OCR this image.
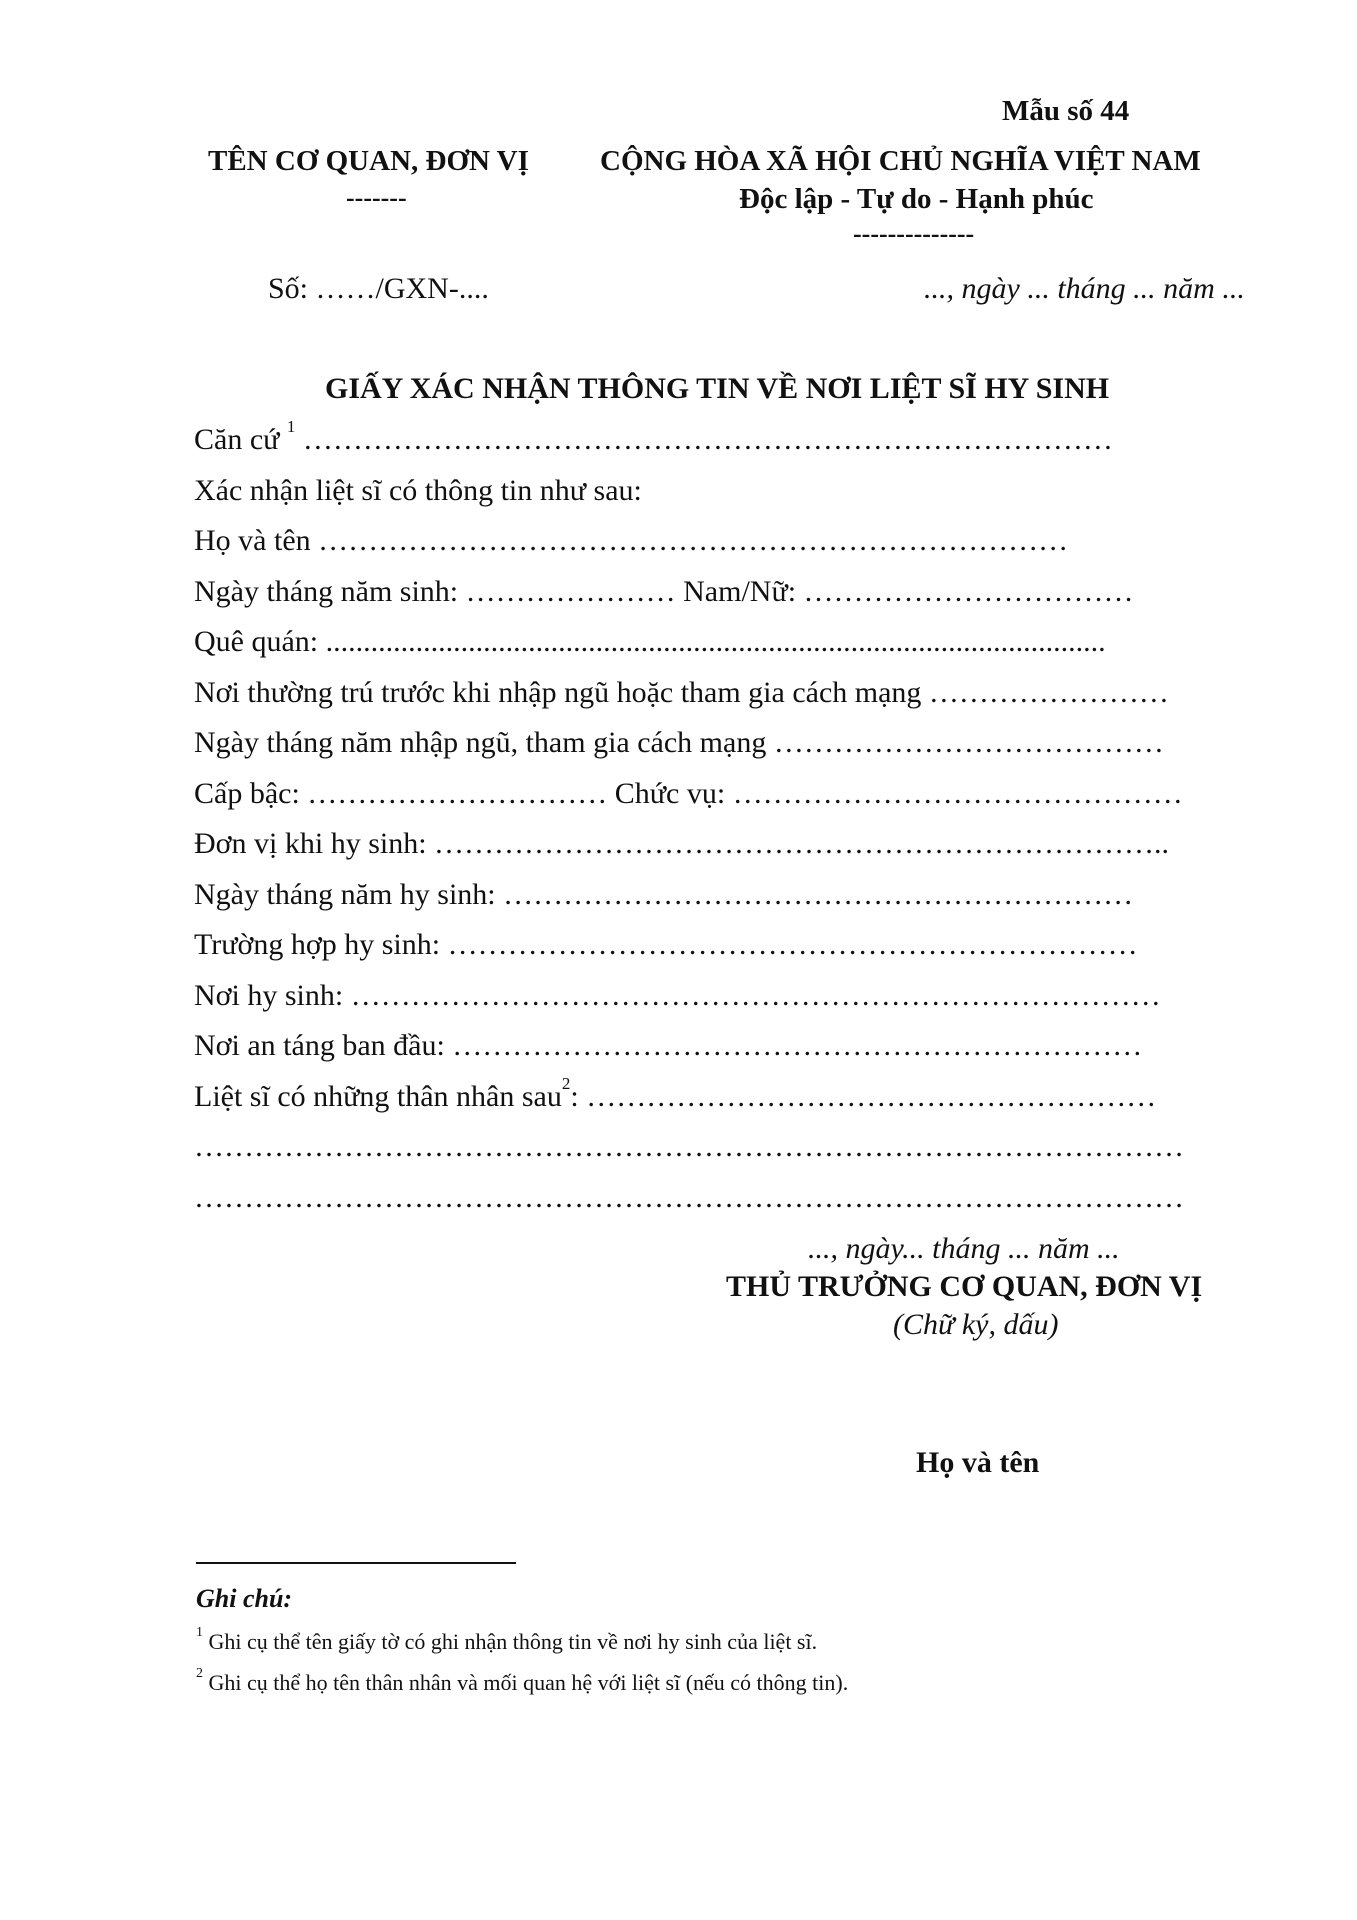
Mẫu số 44
TÊN CƠ QUAN, ĐƠN VỊ
-------
CỘNG HÒA XÃ HỘI CHỦ NGHĨA VIỆT NAM
Độc lập - Tự do - Hạnh phúc
--------------
Số: ……/GXN-....	..., ngày ... tháng ... năm ...
GIẤY XÁC NHẬN THÔNG TIN VỀ NƠI LIỆT SĨ HY SINH
Căn cứ $^1$ ………………………………………………………………………
Xác nhận liệt sĩ có thông tin như sau:
Họ và tên …………………………………………………………………
Ngày tháng năm sinh: ………………… Nam/Nữ: ……………………………
Quê quán: ........................................................................................................
Nơi thường trú trước khi nhập ngũ hoặc tham gia cách mạng ……………………
Ngày tháng năm nhập ngũ, tham gia cách mạng …………………………………
Cấp bậc: ………………………… Chức vụ: ………………………………………
Đơn vị khi hy sinh: ………………………………………………………………..
Ngày tháng năm hy sinh: ………………………………………………………
Trường hợp hy sinh: ……………………………………………………………
Nơi hy sinh: ………………………………………………………………………
Nơi an táng ban đầu: ……………………………………………………………
Liệt sĩ có những thân nhân sau$^2$: …………………………………………………
………………………………………………………………………………………
………………………………………………………………………………………
..., ngày... tháng ... năm ...
THỦ TRƯỞNG CƠ QUAN, ĐƠN VỊ
(Chữ ký, dấu)
Họ và tên
Ghi chú:
$^1$ Ghi cụ thể tên giấy tờ có ghi nhận thông tin về nơi hy sinh của liệt sĩ.
$^2$ Ghi cụ thể họ tên thân nhân và mối quan hệ với liệt sĩ (nếu có thông tin).
